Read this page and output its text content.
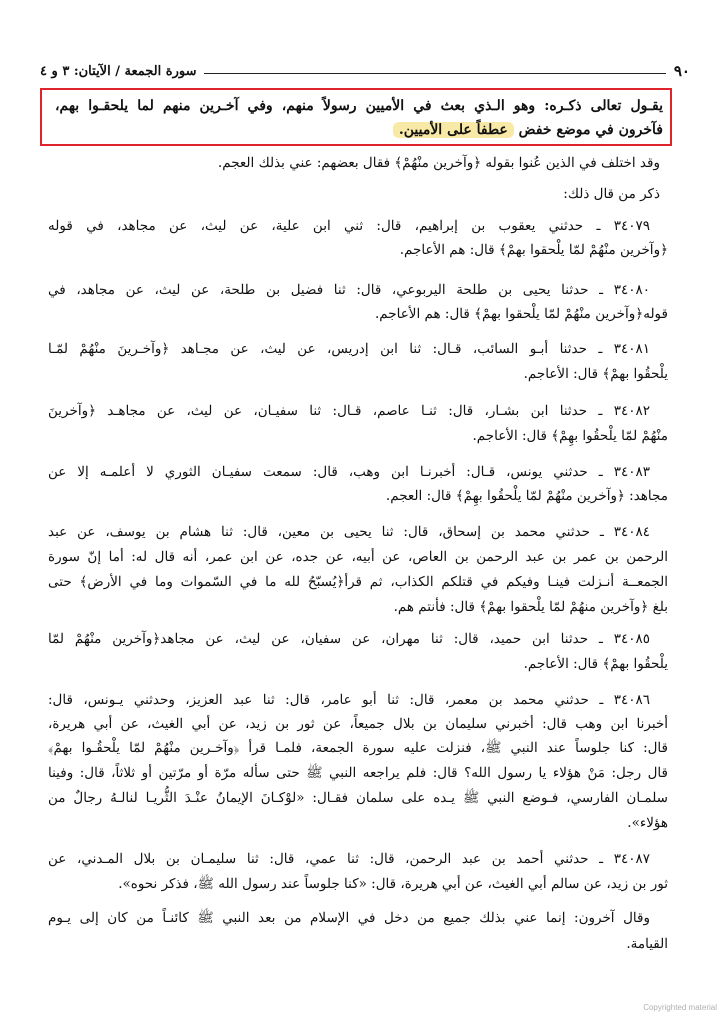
٩٠
سورة الجمعة / الآيتان: ٣ و ٤
يقـول تعالى ذكـره: وهو الـذي بعث في الأميين رسولاً منهم، وفي آخـرين منهم لما يلحقـوا بهم،
فآخرون في موضع خفض عطفاً على الأميين.
وقد اختلف في الذين عُنوا بقوله ﴿وآخرين منْهُمْ﴾ فقال بعضهم: عني بذلك العجم.
ذكر من قال ذلك:
٣٤٠٧٩ ـ حدثني يعقوب بن إبراهيم، قال: ثني ابن علية، عن ليث، عن مجاهد، في قوله
﴿وآخرين منْهُمْ لمّا يلْحقوا بهمْ﴾ قال: هم الأعاجم.
٣٤٠٨٠ ـ حدثنا يحيى بن طلحة اليربوعي، قال: ثنا فضيل بن طلحة، عن ليث، عن مجاهد، في
قوله﴿وآخرين منْهُمْ لمّا يلْحقوا بهمْ﴾ قال: هم الأعاجم.
٣٤٠٨١ ـ حدثنا أبـو السائب، قـال: ثنا ابن إدريس، عن ليث، عن مجـاهد ﴿وآخـرينَ منْهُمْ لمّـا
يلْحقُوا بهمْ﴾ قال: الأعاجم.
٣٤٠٨٢ ـ حدثنا ابن بشـار، قال: ثنـا عاصم، قـال: ثنا سفيـان، عن ليث، عن مجاهـد ﴿وآخرينَ
منْهُمْ لمّا يلْحقُوا بهِمْ﴾ قال: الأعاجم.
٣٤٠٨٣ ـ حدثني يونس، قـال: أخبرنـا ابن وهب، قال: سمعت سفيـان الثوري لا أعلمـه إلا عن
مجاهد: ﴿وآخرين منْهُمْ لمّا يلْحقُوا بهِمْ﴾ قال: العجم.
٣٤٠٨٤ ـ حدثني محمد بن إسحاق، قال: ثنا يحيى بن معين، قال: ثنا هشام بن يوسف، عن عبد
الرحمن بن عمر بن عبد الرحمن بن العاص، عن أبيه، عن جده، عن ابن عمر، أنه قال له: أما إنّ سورة
الجمعــة أنـزلت فينـا وفيكم في قتلكم الكذاب، ثم قرأ﴿يُسبّحُ لله ما في السّموات وما في الأرض﴾ حتى
بلغ ﴿وآخرين منهُمْ لمّا يلْحقوا بهمْ﴾ قال: فأنتم هم.
٣٤٠٨٥ ـ حدثنا ابن حميد، قال: ثنا مهران، عن سفيان، عن ليث، عن مجاهد﴿وآخرين منْهُمْ لمّا
يلْحقُوا بهمْ﴾ قال: الأعاجم.
٣٤٠٨٦ ـ حدثني محمد بن معمر، قال: ثنا أبو عامر، قال: ثنا عبد العزيز، وحدثني يـونس، قال:
أخبرنا ابن وهب قال: أخبرني سليمان بن بلال جميعاً، عن ثور بن زيد، عن أبي الغيث، عن أبي هريرة،
قال: كنا جلوساً عند النبي ﷺ، فنزلت عليه سورة الجمعة، فلمـا قرأ ﴿وآخـرين منْهُمْ لمّا يلْحقُـوا بهمْ﴾
قال رجل: مَنْ هؤلاء يا رسول الله؟ قال: فلم يراجعه النبي ﷺ حتى سأله مرّة أو مرّتين أو ثلاثاً، قال: وفينا
سلمـان الفارسي، فـوضع النبي ﷺ يـده على سلمان فقـال: «لوْكـانَ الإيمانُ عنْـدَ الثُّريـا لنالـهُ رجالٌ من
هؤلاء».
٣٤٠٨٧ ـ حدثني أحمد بن عبد الرحمن، قال: ثنا عمي، قال: ثنا سليمـان بن بلال المـدني، عن
ثور بن زيد، عن سالم أبي الغيث، عن أبي هريرة، قال: «كنا جلوساً عند رسول الله ﷺ، فذكر نحوه».
وقال آخرون: إنما عني بذلك جميع من دخل في الإسلام من بعد النبي ﷺ كائنـاً من كان إلى يـوم
القيامة.
Copyrighted material
